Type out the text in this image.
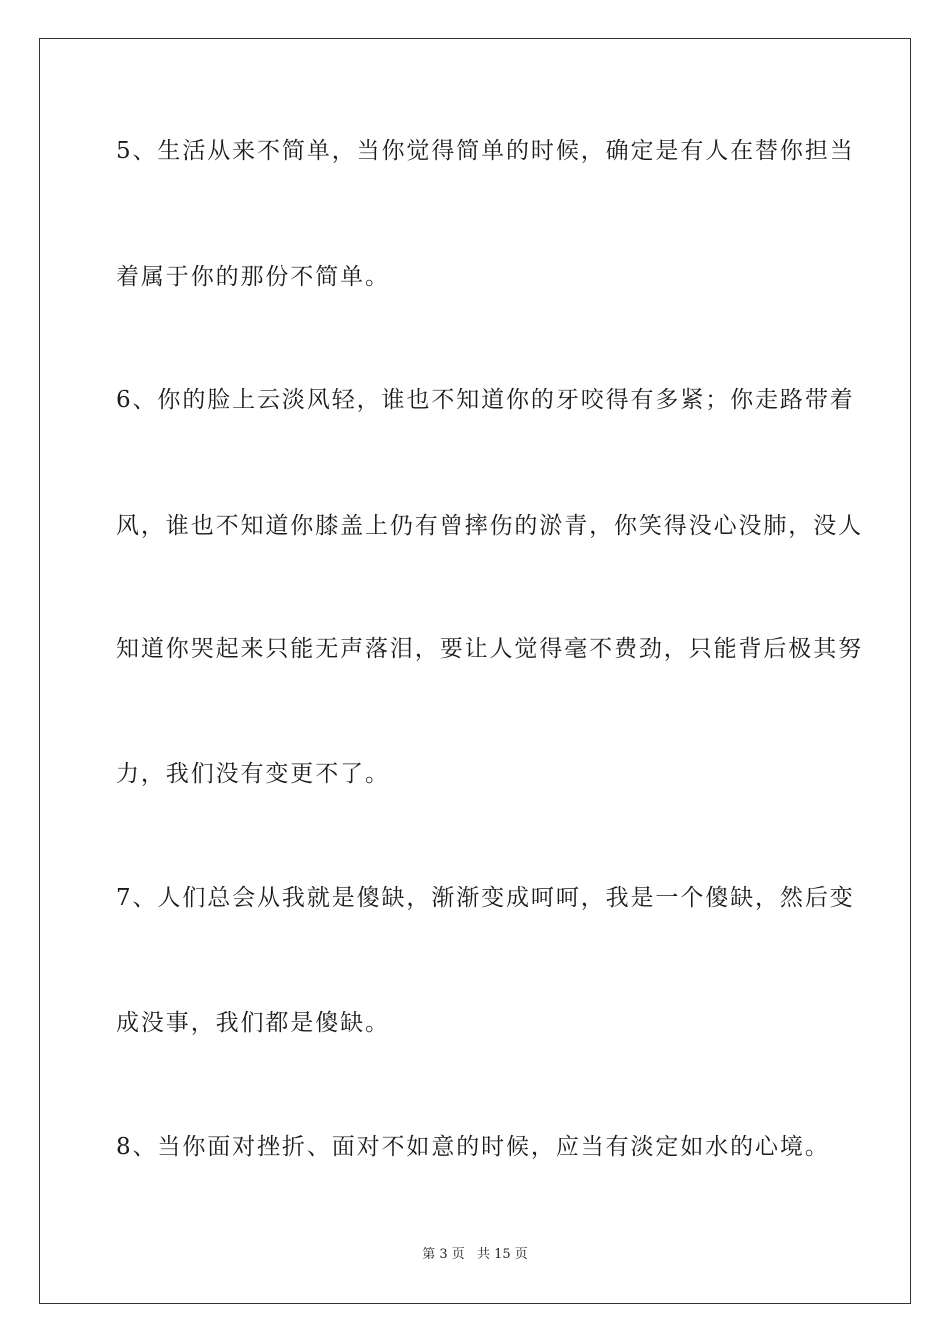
5、生活从来不简单，当你觉得简单的时候，确定是有人在替你担当
着属于你的那份不简单。
6、你的脸上云淡风轻，谁也不知道你的牙咬得有多紧；你走路带着
风，谁也不知道你膝盖上仍有曾摔伤的淤青，你笑得没心没肺，没人
知道你哭起来只能无声落泪，要让人觉得毫不费劲，只能背后极其努
力，我们没有变更不了。
7、人们总会从我就是傻缺，渐渐变成呵呵，我是一个傻缺，然后变
成没事，我们都是傻缺。
8、当你面对挫折、面对不如意的时候，应当有淡定如水的心境。
第 3 页 共 15 页
